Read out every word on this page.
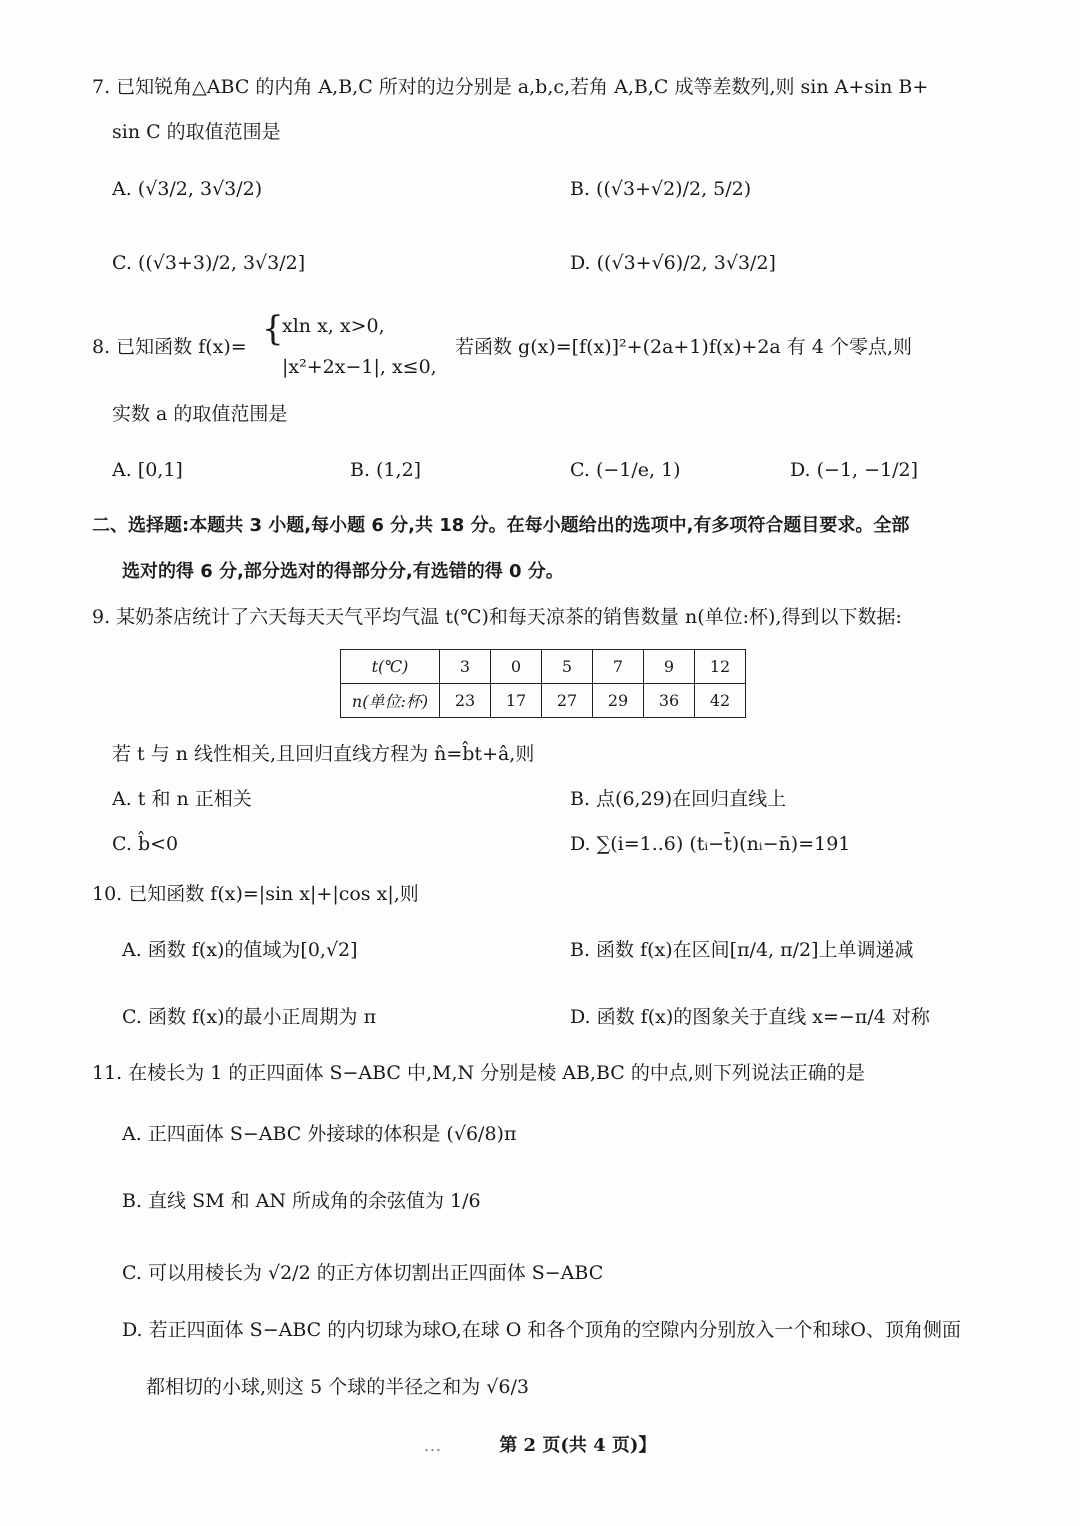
7. 已知锐角△ABC 的内角 A,B,C 所对的边分别是 a,b,c,若角 A,B,C 成等差数列,则 sin A+sin B+
sin C 的取值范围是
A. (√3/2, 3√3/2)	B. ((√3+√2)/2, 5/2)
C. ((√3+3)/2, 3√3/2]	D. ((√3+√6)/2, 3√3/2]
8. 已知函数 f(x)= {
xln x, x>0,
|x²+2x−1|, x≤0,
若函数 g(x)=[f(x)]²+(2a+1)f(x)+2a 有 4 个零点,则
实数 a 的取值范围是
A. [0,1]	B. (1,2]	C. (−1/e, 1)	D. (−1, −1/2]
二、选择题:本题共 3 小题,每小题 6 分,共 18 分。在每小题给出的选项中,有多项符合题目要求。全部
选对的得 6 分,部分选对的得部分分,有选错的得 0 分。
9. 某奶茶店统计了六天每天天气平均气温 t(℃)和每天凉茶的销售数量 n(单位:杯),得到以下数据:
t(℃)	3	0	5	7	9	12
n(单位:杯)	23	17	27	29	36	42
若 t 与 n 线性相关,且回归直线方程为 n̂=b̂t+â,则
A. t 和 n 正相关	B. 点(6,29)在回归直线上
C. b̂<0	D. ∑(i=1..6) (tᵢ−t̄)(nᵢ−n̄)=191
10. 已知函数 f(x)=|sin x|+|cos x|,则
A. 函数 f(x)的值域为[0,√2]	B. 函数 f(x)在区间[π/4, π/2]上单调递减
C. 函数 f(x)的最小正周期为 π	D. 函数 f(x)的图象关于直线 x=−π/4 对称
11. 在棱长为 1 的正四面体 S−ABC 中,M,N 分别是棱 AB,BC 的中点,则下列说法正确的是
A. 正四面体 S−ABC 外接球的体积是 (√6/8)π
B. 直线 SM 和 AN 所成角的余弦值为 1/6
C. 可以用棱长为 √2/2 的正方体切割出正四面体 S−ABC
D. 若正四面体 S−ABC 的内切球为球O,在球 O 和各个顶角的空隙内分别放入一个和球O、顶角侧面
都相切的小球,则这 5 个球的半径之和为 √6/3
…	第 2 页(共 4 页)】
